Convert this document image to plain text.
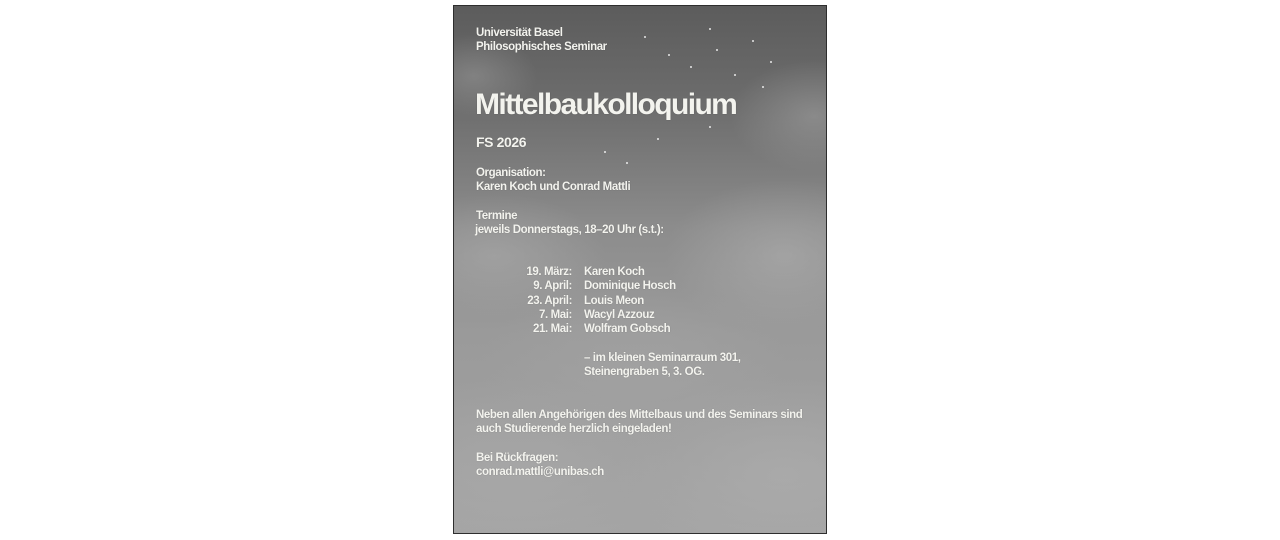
Universität Basel
Philosophisches Seminar
Mittelbaukolloquium
FS 2026
Organisation:
Karen Koch und Conrad Mattli
Termine
jeweils Donnerstags, 18–20 Uhr (s.t.):
19. März:
9. April:
23. April:
7. Mai:
21. Mai:
Karen Koch
Dominique Hosch
Louis Meon
Wacyl Azzouz
Wolfram Gobsch
– im kleinen Seminarraum 301,
Steinengraben 5, 3. OG.
Neben allen Angehörigen des Mittelbaus und des Seminars sind
auch Studierende herzlich eingeladen!
Bei Rückfragen:
conrad.mattli@unibas.ch
